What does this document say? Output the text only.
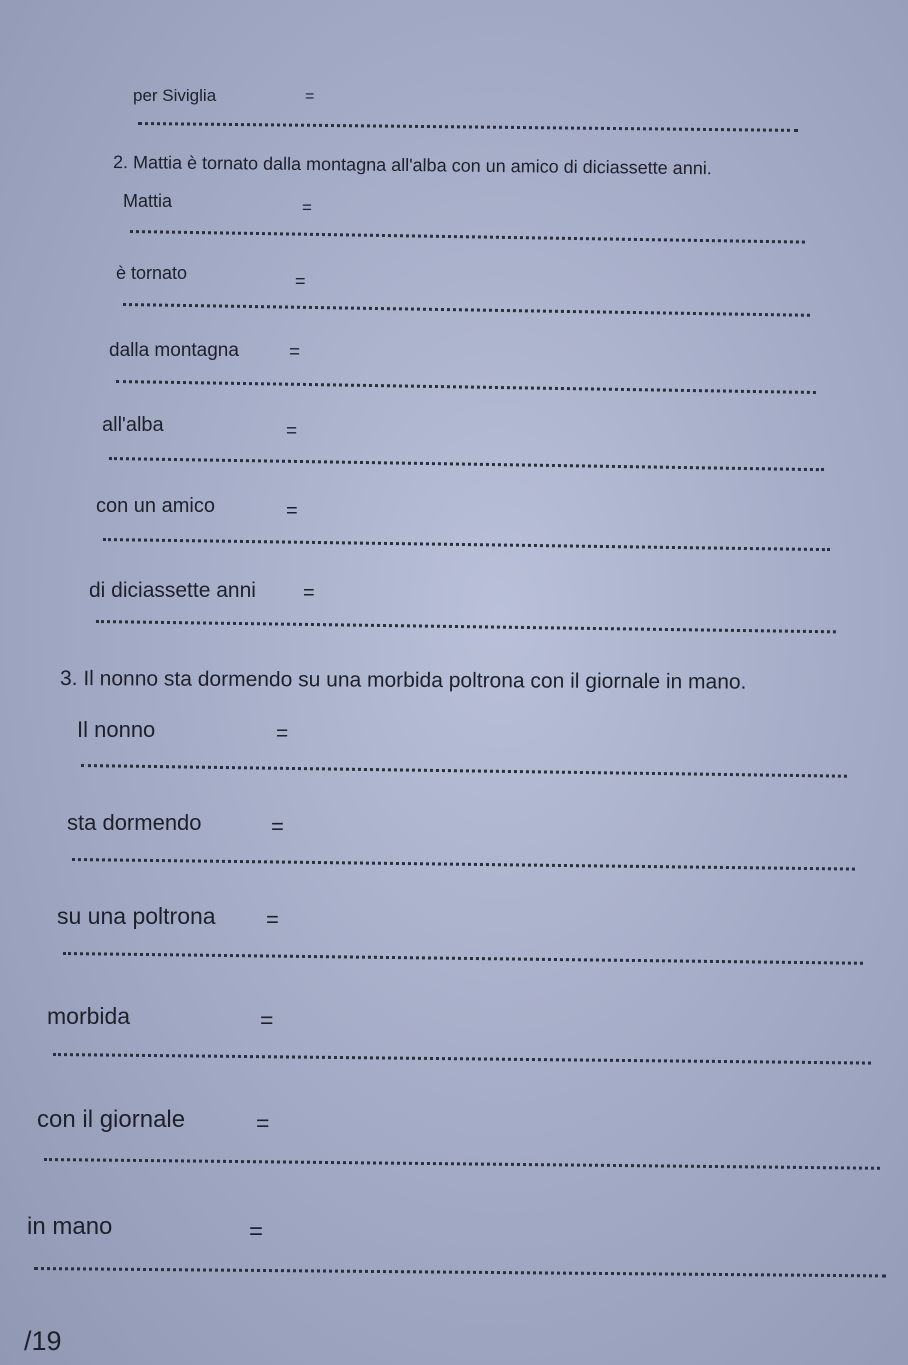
per Siviglia	=
2. Mattia è tornato dalla montagna all'alba con un amico di diciassette anni.
Mattia	=
è tornato	=
dalla montagna	=
all'alba	=
con un amico	=
di diciassette anni =
3. Il nonno sta dormendo su una morbida poltrona con il giornale in mano.
Il nonno	=
sta dormendo	=
su una poltrona =
morbida	=
con il giornale	=
in mano	=
/19
